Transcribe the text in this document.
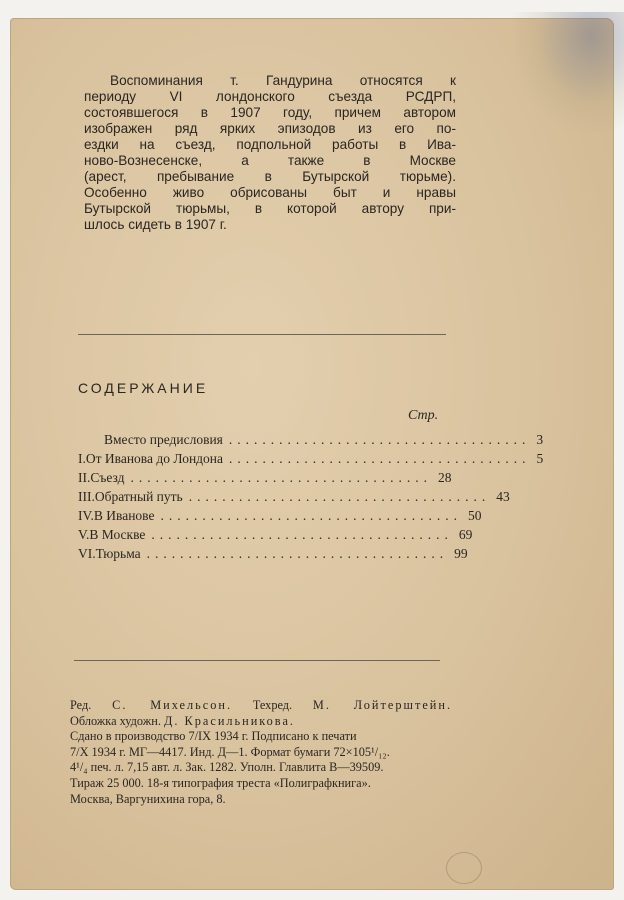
Воспоминания т. Гандурина относятся к
периоду VI лондонского съезда РСДРП,
состоявшегося в 1907 году, причем автором
изображен ряд ярких эпизодов из его по-
ездки на съезд, подпольной работы в Ива-
ново-Вознесенске, а также в Москве
(арест, пребывание в Бутырской тюрьме).
Особенно живо обрисованы быт и нравы
Бутырской тюрьмы, в которой автору при-
шлось сидеть в 1907 г.
СОДЕРЖАНИЕ
Стр.
Вместо предисловия .................................... 3
I. От Иванова до Лондона .................................... 5
II. Съезд .................................... 28
III. Обратный путь .................................... 43
IV. В Иванове .................................... 50
V. В Москве .................................... 69
VI. Тюрьма .................................... 99
Ред. С. Михельсон. Техред. М. Лойтерштейн.
Обложка художн. Д. Красильникова.
Сдано в производство 7/IX 1934 г. Подписано к печати
7/X 1934 г. МГ—4417. Инд. Д—1. Формат бумаги 72×105¹/₁₂.
4¹/₄ печ. л. 7,15 авт. л. Зак. 1282. Уполн. Главлита В—39509.
Тираж 25 000. 18-я типография треста «Полиграфкнига».
Москва, Варгунихина гора, 8.
